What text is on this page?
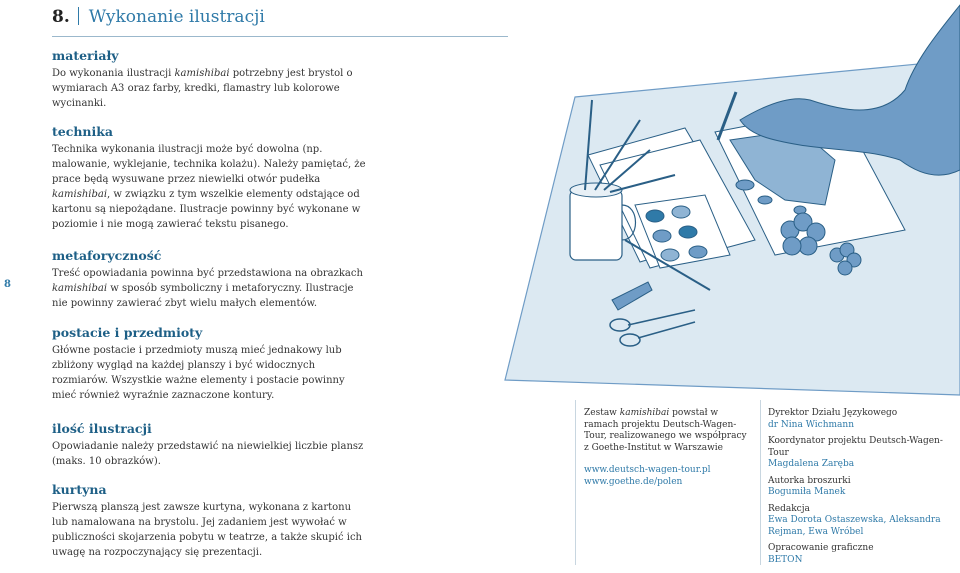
8. Wykonanie ilustracji
8
materiały

Do wykonania ilustracji kamishibai potrzebny jest brystol o wymiarach A3 oraz farby, kredki, flamastry lub kolorowe wycinanki.

technika

Technika wykonania ilustracji może być dowolna (np. malowanie, wyklejanie, technika kolażu). Należy pamiętać, że prace będą wysuwane przez niewielki otwór pudełka kamishibai, w związku z tym wszelkie elementy odstające od kartonu są niepożądane. Ilustracje powinny być wykonane w poziomie i nie mogą zawierać tekstu pisanego.

metaforyczność

Treść opowiadania powinna być przedstawiona na obrazkach kamishibai w sposób symboliczny i metaforyczny. Ilustracje nie powinny zawierać zbyt wielu małych elementów.

postacie i przedmioty

Główne postacie i przedmioty muszą mieć jednakowy lub zbliżony wygląd na każdej planszy i być widocznych rozmiarów. Wszystkie ważne elementy i postacie powinny mieć również wyraźnie zaznaczone kontury.

ilość ilustracji

Opowiadanie należy przedstawić na niewielkiej liczbie plansz (maks. 10 obrazków).

kurtyna

Pierwszą planszą jest zawsze kurtyna, wykonana z kartonu lub namalowana na brystolu. Jej zadaniem jest wywołać w publiczności skojarzenia pobytu w teatrze, a także skupić ich uwagę na rozpoczynający się prezentacji.

Zestaw kamishibai powstał w ramach projektu Deutsch-Wagen-Tour, realizowanego we współpracy z Goethe-Institut w Warszawie
www.deutsch-wagen-tour.pl
www.goethe.de/polen
Dyrektor Działu Językowego
dr Nina Wichmann
Koordynator projektu Deutsch-Wagen-Tour
Magdalena Zaręba
Autorka broszurki
Bogumiła Manek
Redakcja
Ewa Dorota Ostaszewska, Aleksandra Rejman, Ewa Wróbel
Opracowanie graficzne
BETON
